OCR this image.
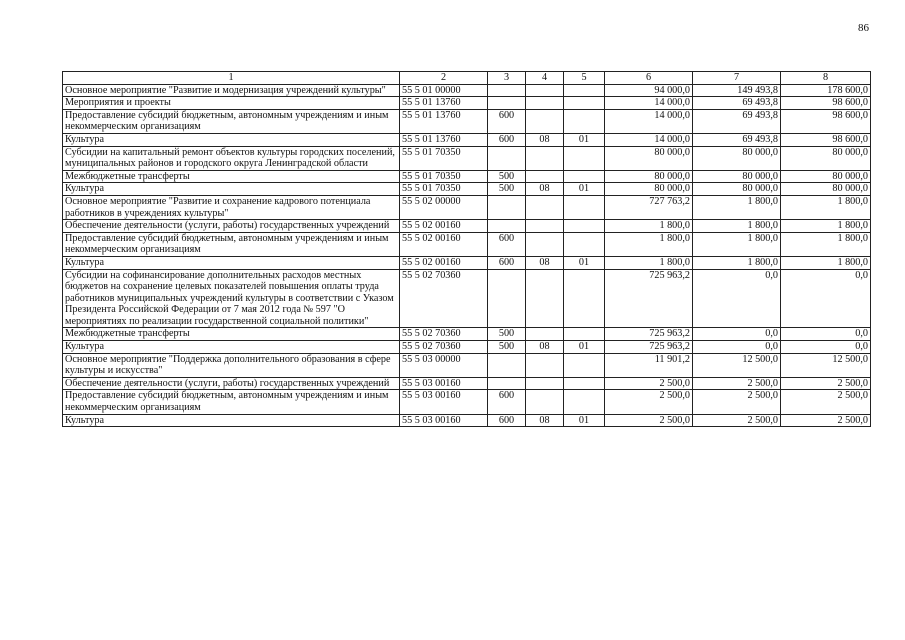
86
1	2	3	4	5	6	7	8
Основное мероприятие "Развитие и модернизация учреждений культуры"	55 5 01 00000				94 000,0	149 493,8	178 600,0
Мероприятия и проекты	55 5 01 13760				14 000,0	69 493,8	98 600,0
Предоставление субсидий бюджетным, автономным учреждениям и иным некоммерческим организациям	55 5 01 13760	600			14 000,0	69 493,8	98 600,0
Культура	55 5 01 13760	600	08	01	14 000,0	69 493,8	98 600,0
Субсидии на капитальный ремонт объектов культуры городских поселений, муниципальных районов и городского округа Ленинградской области	55 5 01 70350				80 000,0	80 000,0	80 000,0
Межбюджетные трансферты	55 5 01 70350	500			80 000,0	80 000,0	80 000,0
Культура	55 5 01 70350	500	08	01	80 000,0	80 000,0	80 000,0
Основное мероприятие "Развитие и сохранение кадрового потенциала работников в учреждениях культуры"	55 5 02 00000				727 763,2	1 800,0	1 800,0
Обеспечение деятельности (услуги, работы) государственных учреждений	55 5 02 00160				1 800,0	1 800,0	1 800,0
Предоставление субсидий бюджетным, автономным учреждениям и иным некоммерческим организациям	55 5 02 00160	600			1 800,0	1 800,0	1 800,0
Культура	55 5 02 00160	600	08	01	1 800,0	1 800,0	1 800,0
Субсидии на софинансирование дополнительных расходов местных бюджетов на сохранение целевых показателей повышения оплаты труда работников муниципальных учреждений культуры в соответствии с Указом Президента Российской Федерации от 7 мая 2012 года № 597 "О мероприятиях по реализации государственной социальной политики"	55 5 02 70360				725 963,2	0,0	0,0
Межбюджетные трансферты	55 5 02 70360	500			725 963,2	0,0	0,0
Культура	55 5 02 70360	500	08	01	725 963,2	0,0	0,0
Основное мероприятие "Поддержка дополнительного образования в сфере культуры и искусства"	55 5 03 00000				11 901,2	12 500,0	12 500,0
Обеспечение деятельности (услуги, работы) государственных учреждений	55 5 03 00160				2 500,0	2 500,0	2 500,0
Предоставление субсидий бюджетным, автономным учреждениям и иным некоммерческим организациям	55 5 03 00160	600			2 500,0	2 500,0	2 500,0
Культура	55 5 03 00160	600	08	01	2 500,0	2 500,0	2 500,0
